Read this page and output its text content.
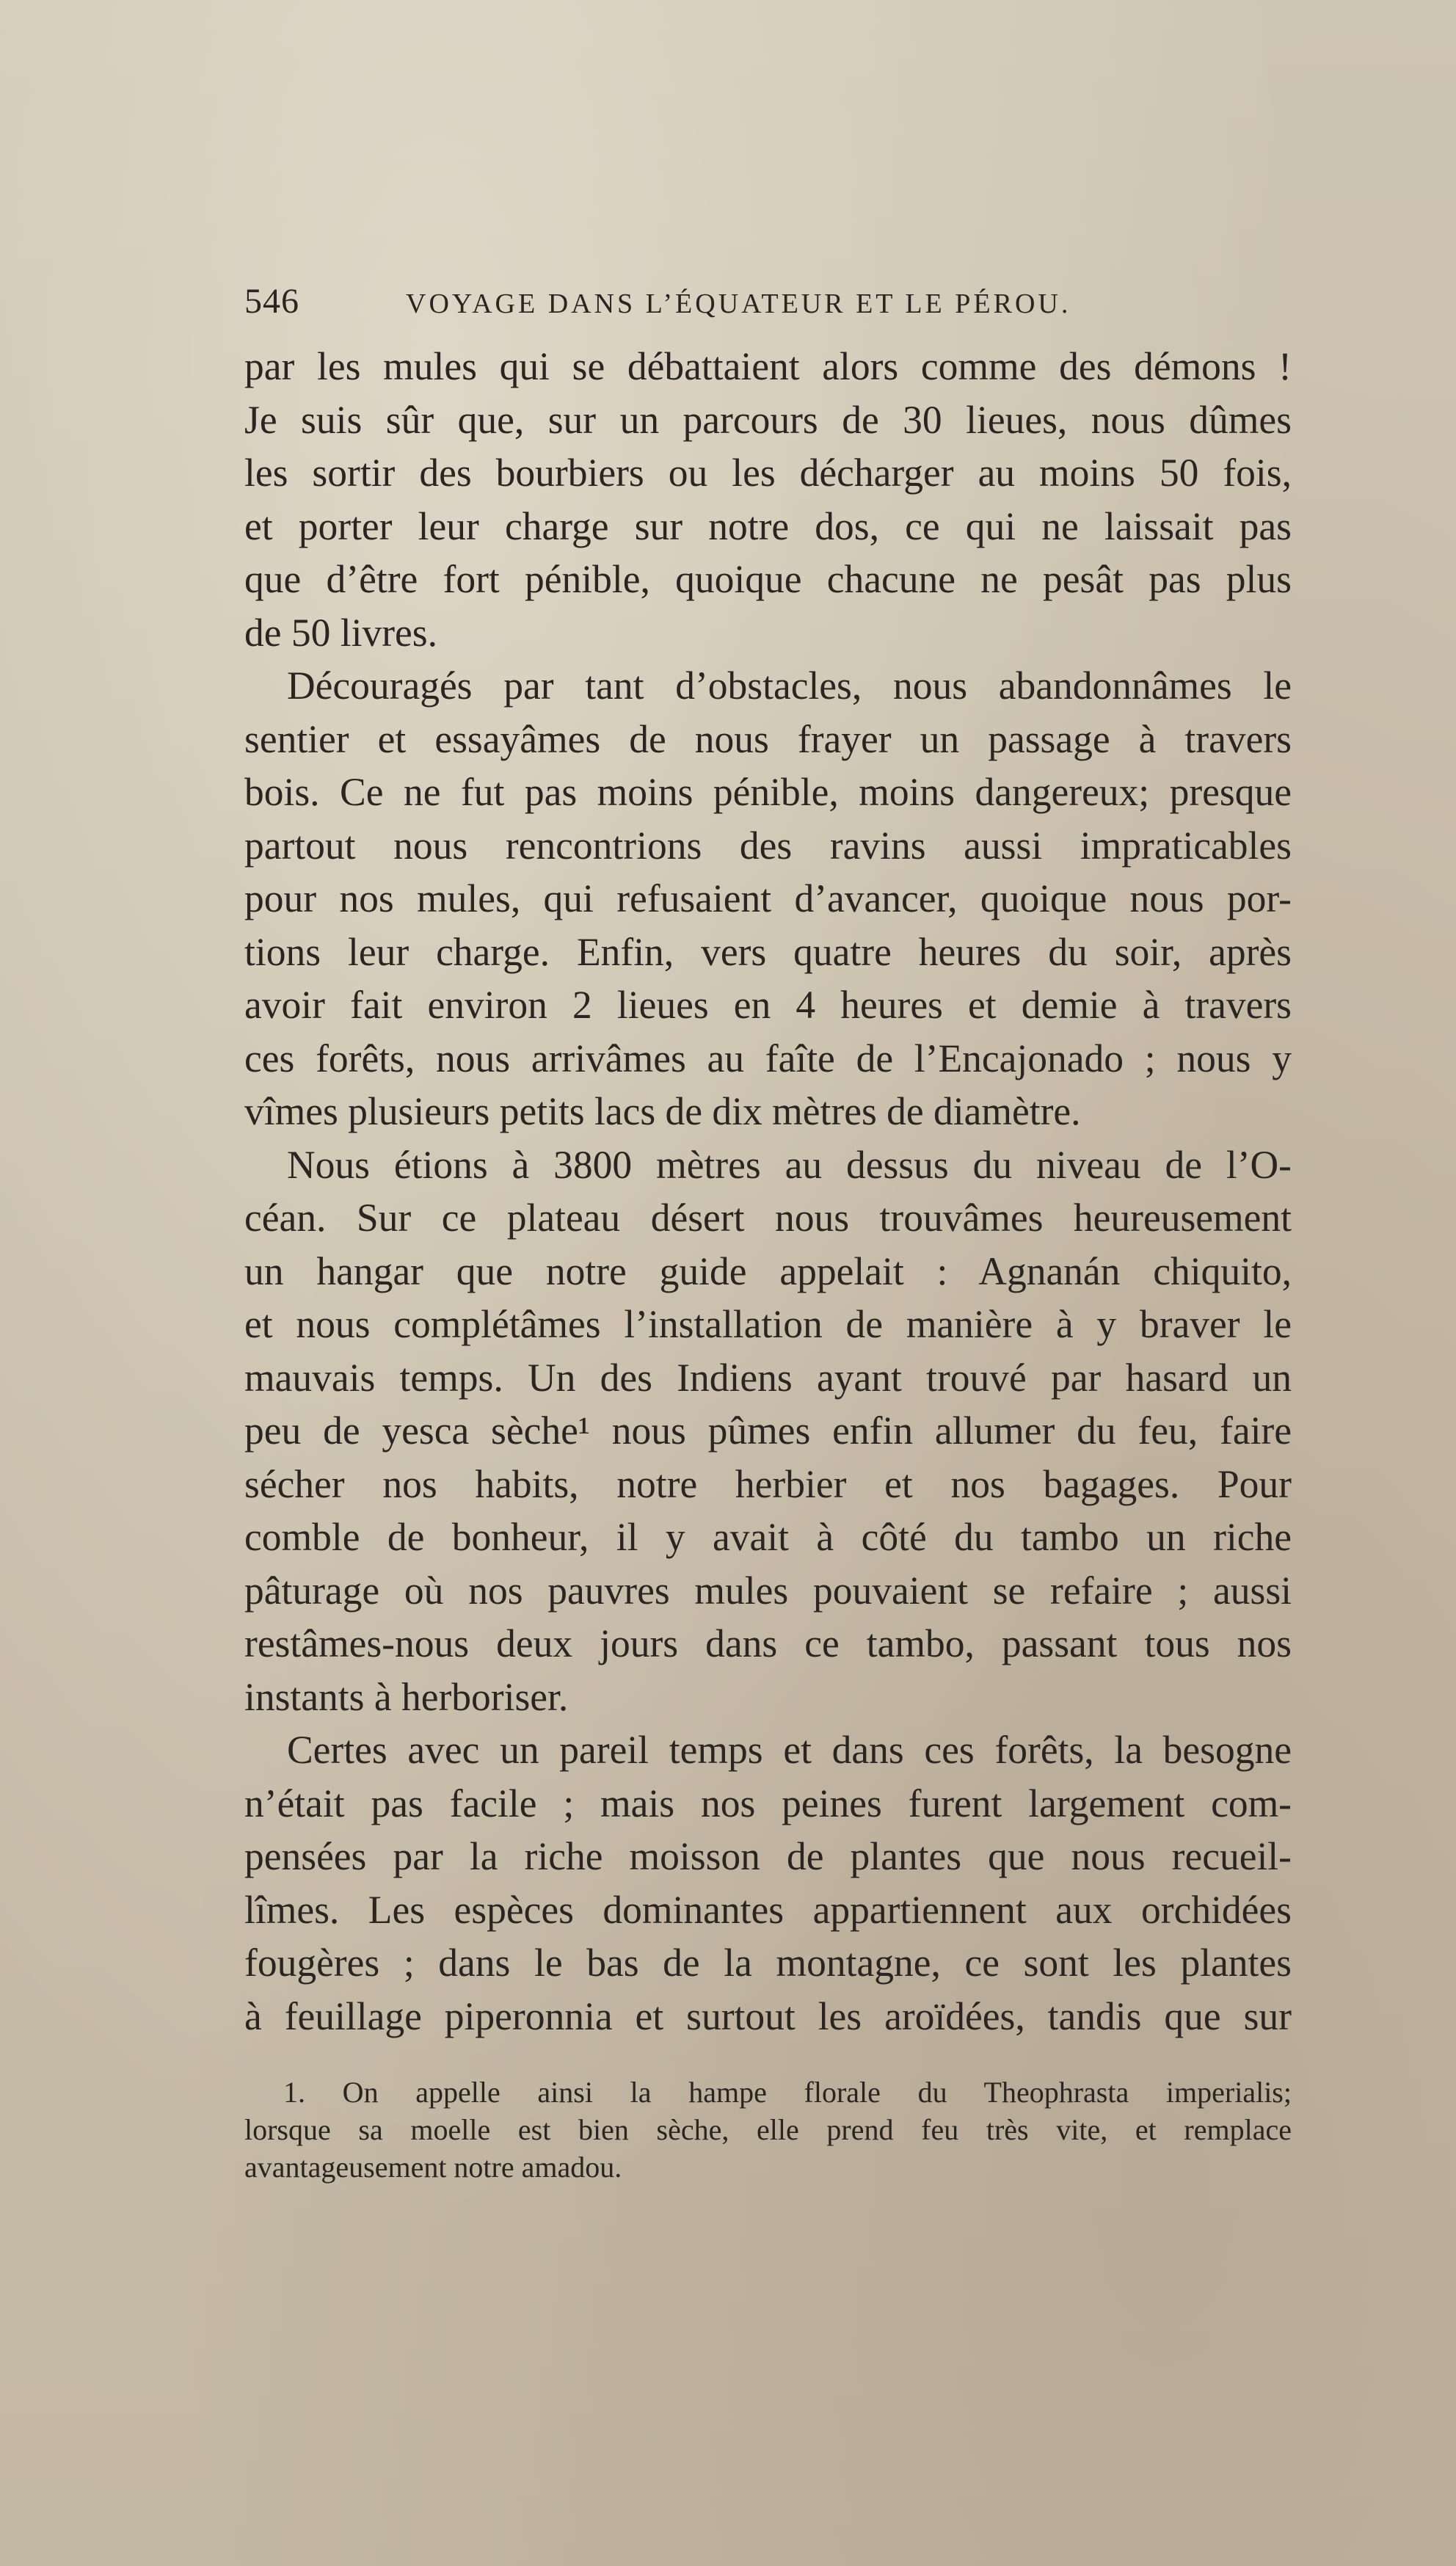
546	VOYAGE DANS L’ÉQUATEUR ET LE PÉROU.
par les mules qui se débattaient alors comme des démons !
Je suis sûr que, sur un parcours de 30 lieues, nous dûmes
les sortir des bourbiers ou les décharger au moins 50 fois,
et porter leur charge sur notre dos, ce qui ne laissait pas
que d’être fort pénible, quoique chacune ne pesât pas plus
de 50 livres.
Découragés par tant d’obstacles, nous abandonnâmes le
sentier et essayâmes de nous frayer un passage à travers
bois. Ce ne fut pas moins pénible, moins dangereux; presque
partout nous rencontrions des ravins aussi impraticables
pour nos mules, qui refusaient d’avancer, quoique nous por-
tions leur charge. Enfin, vers quatre heures du soir, après
avoir fait environ 2 lieues en 4 heures et demie à travers
ces forêts, nous arrivâmes au faîte de l’Encajonado ; nous y
vîmes plusieurs petits lacs de dix mètres de diamètre.
Nous étions à 3800 mètres au dessus du niveau de l’O-
céan. Sur ce plateau désert nous trouvâmes heureusement
un hangar que notre guide appelait : Agnanán chiquito,
et nous complétâmes l’installation de manière à y braver le
mauvais temps. Un des Indiens ayant trouvé par hasard un
peu de yesca sèche¹ nous pûmes enfin allumer du feu, faire
sécher nos habits, notre herbier et nos bagages. Pour
comble de bonheur, il y avait à côté du tambo un riche
pâturage où nos pauvres mules pouvaient se refaire ; aussi
restâmes-nous deux jours dans ce tambo, passant tous nos
instants à herboriser.
Certes avec un pareil temps et dans ces forêts, la besogne
n’était pas facile ; mais nos peines furent largement com-
pensées par la riche moisson de plantes que nous recueil-
lîmes. Les espèces dominantes appartiennent aux orchidées
fougères ; dans le bas de la montagne, ce sont les plantes
à feuillage piperonnia et surtout les aroïdées, tandis que sur
1. On appelle ainsi la hampe florale du Theophrasta imperialis;
lorsque sa moelle est bien sèche, elle prend feu très vite, et remplace
avantageusement notre amadou.
